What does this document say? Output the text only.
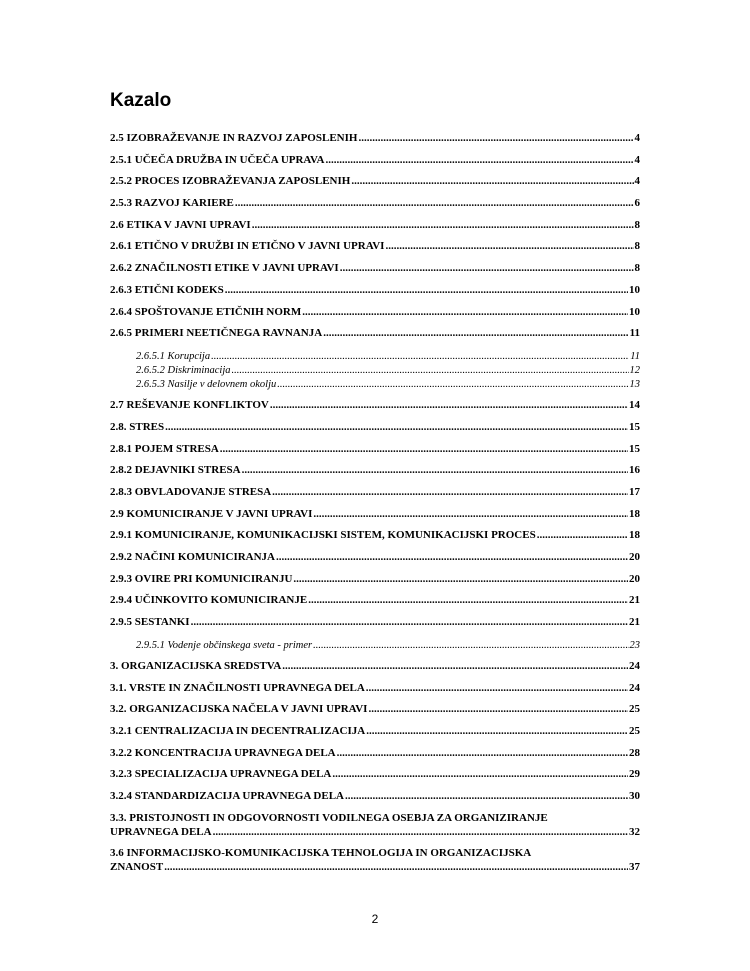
Kazalo
2.5 IZOBRAŽEVANJE IN RAZVOJ ZAPOSLENIH .....	4
2.5.1 UČEČA DRUŽBA IN UČEČA UPRAVA .....	4
2.5.2 PROCES IZOBRAŽEVANJA ZAPOSLENIH .....	4
2.5.3 RAZVOJ KARIERE .....	6
2.6 ETIKA V JAVNI UPRAVI .....	8
2.6.1 ETIČNO V DRUŽBI IN ETIČNO V JAVNI UPRAVI .....	8
2.6.2 ZNAČILNOSTI ETIKE V JAVNI UPRAVI .....	8
2.6.3 ETIČNI KODEKS .....	10
2.6.4 SPOŠTOVANJE ETIČNIH NORM .....	10
2.6.5 PRIMERI NEETIČNEGA RAVNANJA .....	11
2.6.5.1 Korupcija .....	11
2.6.5.2 Diskriminacija .....	12
2.6.5.3 Nasilje v delovnem okolju .....	13
2.7 REŠEVANJE KONFLIKTOV .....	14
2.8. STRES .....	15
2.8.1 POJEM STRESA .....	15
2.8.2 DEJAVNIKI STRESA .....	16
2.8.3 OBVLADOVANJE STRESA .....	17
2.9 KOMUNICIRANJE V JAVNI UPRAVI .....	18
2.9.1 KOMUNICIRANJE, KOMUNIKACIJSKI SISTEM, KOMUNIKACIJSKI PROCES .....	18
2.9.2 NAČINI KOMUNICIRANJA .....	20
2.9.3 OVIRE PRI KOMUNICIRANJU .....	20
2.9.4 UČINKOVITO KOMUNICIRANJE .....	21
2.9.5 SESTANKI .....	21
2.9.5.1 Vodenje občinskega sveta - primer .....	23
3. ORGANIZACIJSKA SREDSTVA .....	24
3.1. VRSTE IN ZNAČILNOSTI UPRAVNEGA DELA .....	24
3.2. ORGANIZACIJSKA NAČELA V JAVNI UPRAVI .....	25
3.2.1 CENTRALIZACIJA IN DECENTRALIZACIJA .....	25
3.2.2 KONCENTRACIJA UPRAVNEGA DELA .....	28
3.2.3 SPECIALIZACIJA UPRAVNEGA DELA .....	29
3.2.4 STANDARDIZACIJA UPRAVNEGA DELA .....	30
3.3. PRISTOJNOSTI IN ODGOVORNOSTI VODILNEGA OSEBJA ZA ORGANIZIRANJE
UPRAVNEGA DELA .....	32
3.6 INFORMACIJSKO-KOMUNIKACIJSKA TEHNOLOGIJA IN ORGANIZACIJSKA
ZNANOST .....	37
2
